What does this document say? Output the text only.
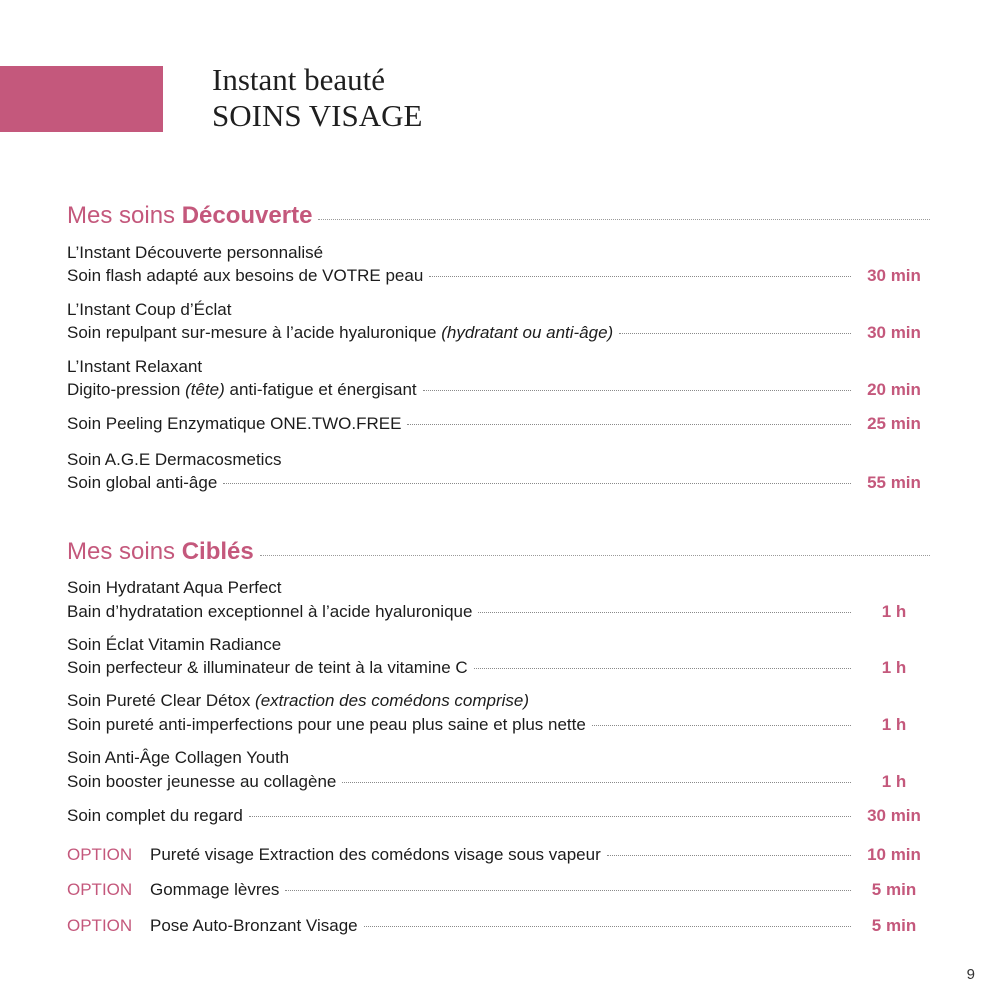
Instant beauté
SOINS VISAGE
Mes soins Découverte
L’Instant Découverte personnalisé
Soin flash adapté aux besoins de VOTRE peau	30 min
L’Instant Coup d’Éclat
Soin repulpant sur-mesure à l’acide hyaluronique (hydratant ou anti-âge)	30 min
L’Instant Relaxant
Digito-pression (tête) anti-fatigue et énergisant	20 min
Soin Peeling Enzymatique ONE.TWO.FREE	25 min
Soin A.G.E Dermacosmetics
Soin global anti-âge	55 min
Mes soins Ciblés
Soin Hydratant Aqua Perfect
Bain d’hydratation exceptionnel à l’acide hyaluronique	1 h
Soin Éclat Vitamin Radiance
Soin perfecteur & illuminateur de teint à la vitamine C	1 h
Soin Pureté Clear Détox (extraction des comédons comprise)
Soin pureté anti-imperfections pour une peau plus saine et plus nette	1 h
Soin Anti-Âge Collagen Youth
Soin booster jeunesse au collagène	1 h
Soin complet du regard	30 min
OPTION	Pureté visage Extraction des comédons visage sous vapeur	10 min
OPTION	Gommage lèvres	5 min
OPTION	Pose Auto-Bronzant Visage	5 min
9
